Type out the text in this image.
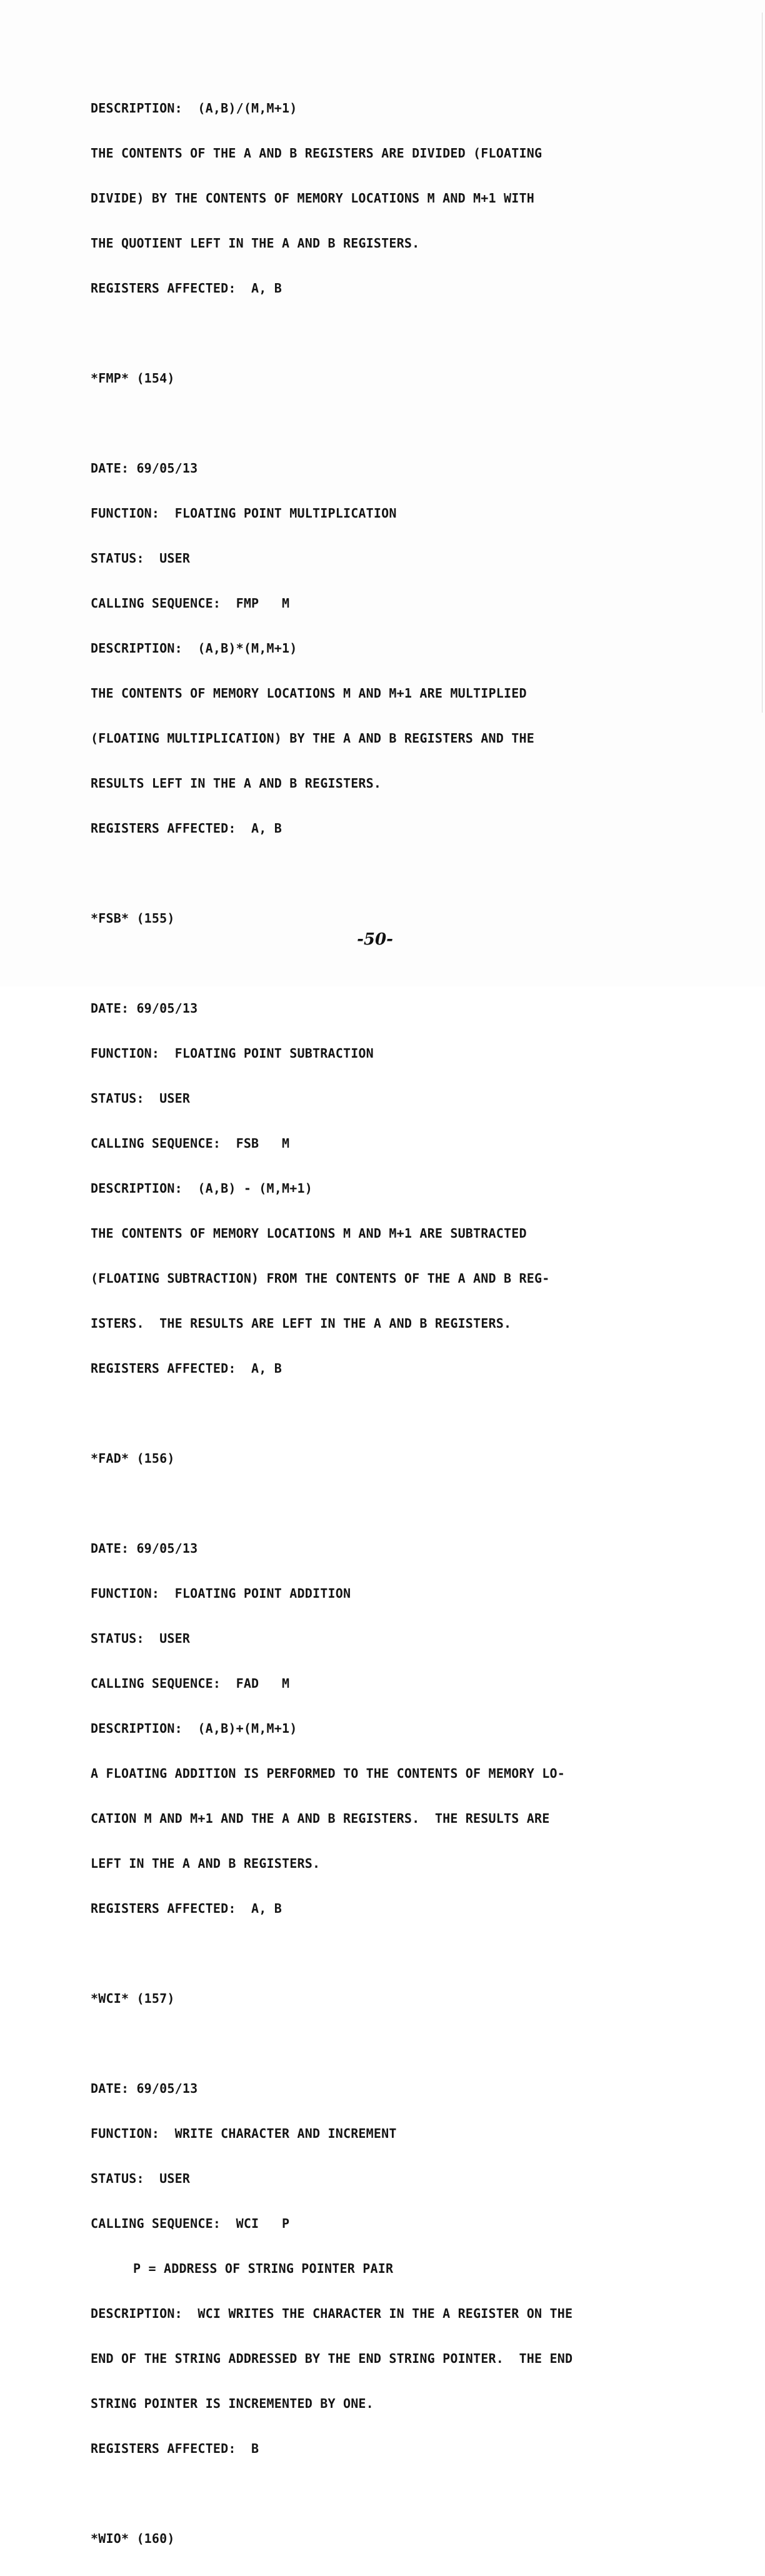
DESCRIPTION:  (A,B)/(M,M+1)

THE CONTENTS OF THE A AND B REGISTERS ARE DIVIDED (FLOATING

DIVIDE) BY THE CONTENTS OF MEMORY LOCATIONS M AND M+1 WITH

THE QUOTIENT LEFT IN THE A AND B REGISTERS.

REGISTERS AFFECTED:  A, B

*FMP* (154)

DATE: 69/05/13

FUNCTION:  FLOATING POINT MULTIPLICATION

STATUS:  USER

CALLING SEQUENCE:  FMP   M

DESCRIPTION:  (A,B)*(M,M+1)

THE CONTENTS OF MEMORY LOCATIONS M AND M+1 ARE MULTIPLIED

(FLOATING MULTIPLICATION) BY THE A AND B REGISTERS AND THE

RESULTS LEFT IN THE A AND B REGISTERS.

REGISTERS AFFECTED:  A, B

*FSB* (155)

DATE: 69/05/13

FUNCTION:  FLOATING POINT SUBTRACTION

STATUS:  USER

CALLING SEQUENCE:  FSB   M

DESCRIPTION:  (A,B) - (M,M+1)

THE CONTENTS OF MEMORY LOCATIONS M AND M+1 ARE SUBTRACTED

(FLOATING SUBTRACTION) FROM THE CONTENTS OF THE A AND B REG-

ISTERS.  THE RESULTS ARE LEFT IN THE A AND B REGISTERS.

REGISTERS AFFECTED:  A, B

*FAD* (156)

DATE: 69/05/13

FUNCTION:  FLOATING POINT ADDITION

STATUS:  USER

CALLING SEQUENCE:  FAD   M

DESCRIPTION:  (A,B)+(M,M+1)

A FLOATING ADDITION IS PERFORMED TO THE CONTENTS OF MEMORY LO-

CATION M AND M+1 AND THE A AND B REGISTERS.  THE RESULTS ARE

LEFT IN THE A AND B REGISTERS.

REGISTERS AFFECTED:  A, B

*WCI* (157)

DATE: 69/05/13

FUNCTION:  WRITE CHARACTER AND INCREMENT

STATUS:  USER

CALLING SEQUENCE:  WCI   P

P = ADDRESS OF STRING POINTER PAIR

DESCRIPTION:  WCI WRITES THE CHARACTER IN THE A REGISTER ON THE

END OF THE STRING ADDRESSED BY THE END STRING POINTER.  THE END

STRING POINTER IS INCREMENTED BY ONE.

REGISTERS AFFECTED:  B

*WIO* (160)

-50-
